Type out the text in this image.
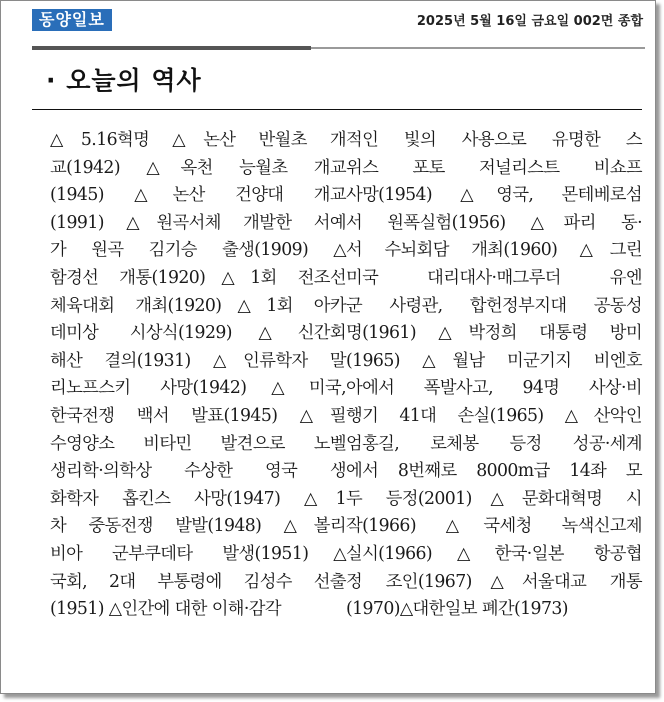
동양일보	2025년 5월 16일 금요일 002면 종합
· 오늘의 역사
△5.16혁명 △논산 반월초 개
교(1942) △옥천 능월초 개교
(1945) △논산 건양대 개교
(1991) △원곡서체 개발한 서예
가 원곡 김기승 출생(1909) △
함경선 개통(1920)△1회 전조선
체육대회 개최(1920)△1회 아카
데미상 시상식(1929)△신간회
해산 결의(1931) △인류학자 말
리노프스키 사망(1942)△미국,
한국전쟁 백서 발표(1945) △필
수영양소 비타민 발견으로 노벨
생리학·의학상 수상한 영국 생
화학자 홉킨스 사망(1947) △1
차 중동전쟁 발발(1948) △볼리
비아 군부쿠데타 발생(1951)△
국회, 2대 부통령에 김성수 선출
(1951) △인간에 대한 이해·감각
적인 빛의 사용으로 유명한 스
위스 포토 저널리스트 비쇼프
사망(1954) △영국, 몬테베로섬
서 원폭실험(1956) △파리 동·
서 수뇌회담 개최(1960) △그린
미국 대리대사·매그루더 유엔
군 사령관, 합헌정부지대 공동성
명(1961) △박정희 대통령 방미
(1965) △월남 미군기지 비엔호
아에서 폭발사고, 94명 사상·비
행기 41대 손실(1965) △산악인
엄홍길, 로체봉 등정 성공·세계
에서 8번째로 8000m급 14좌 모
두 등정(2001)△문화대혁명 시
작(1966) △국세청 녹색신고제
실시(1966)△한국·일본 항공협
정 조인(1967)△서울대교 개통
(1970)△대한일보 폐간(1973)
